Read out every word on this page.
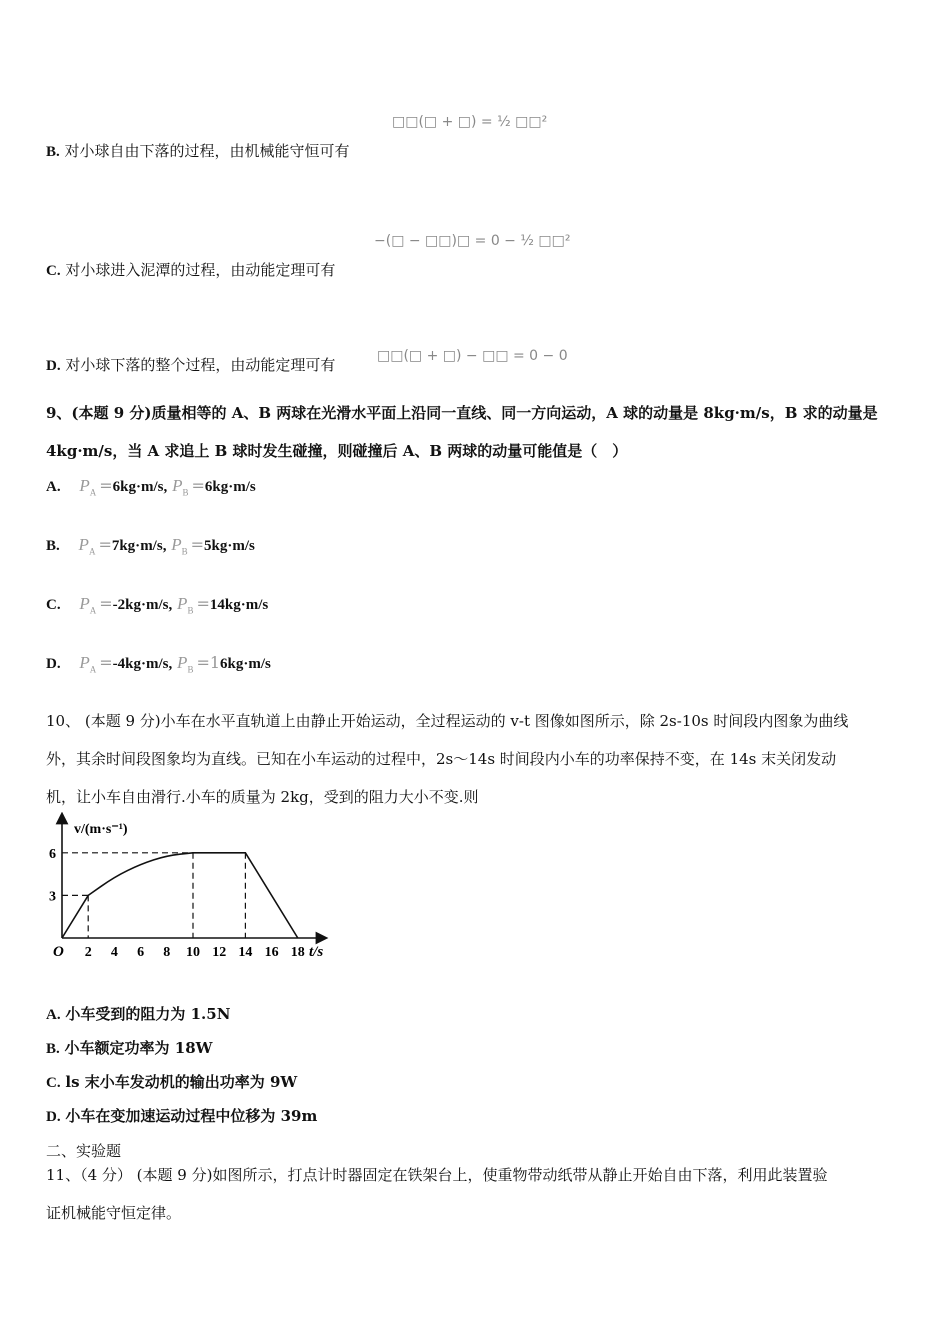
□□(□ + □) = ½ □□²
B. 对小球自由下落的过程，由机械能守恒可有
−(□ − □□)□ = 0 − ½ □□²
C. 对小球进入泥潭的过程，由动能定理可有
D. 对小球下落的整个过程，由动能定理可有	□□(□ + □) − □□ = 0 − 0
9、(本题 9 分)质量相等的 A、B 两球在光滑水平面上沿同一直线、同一方向运动，A 球的动量是 8kg·m/s，B 求的动量是
4kg·m/s，当 A 求追上 B 球时发生碰撞，则碰撞后 A、B 两球的动量可能值是（　）
A. $P_A =6kg\cdot m/s$, $P_B =6kg\cdot m/s$
B. $P_A =7kg\cdot m/s$, $P_B =5kg\cdot m/s$
C. $P_A =-2kg\cdot m/s$, $P_B =14kg\cdot m/s$
D. $P_A =-4kg\cdot m/s$, $P_B =16kg\cdot m/s$
10、 (本题 9 分)小车在水平直轨道上由静止开始运动，全过程运动的 v-t 图像如图所示，除 2s-10s 时间段内图象为曲线
外，其余时间段图象均为直线。已知在小车运动的过程中，2s～14s 时间段内小车的功率保持不变，在 14s 末关闭发动
机，让小车自由滑行.小车的质量为 2kg，受到的阻力大小不变.则
v/(m·s⁻¹)
t/s
O 2 4 6 8 10 12 14 16 18
3
6
A. 小车受到的阻力为 1.5N
B. 小车额定功率为 18W
C. ls 末小车发动机的输出功率为 9W
D. 小车在变加速运动过程中位移为 39m
二、实验题
11、（4 分） (本题 9 分)如图所示，打点计时器固定在铁架台上，使重物带动纸带从静止开始自由下落，利用此装置验
证机械能守恒定律。
